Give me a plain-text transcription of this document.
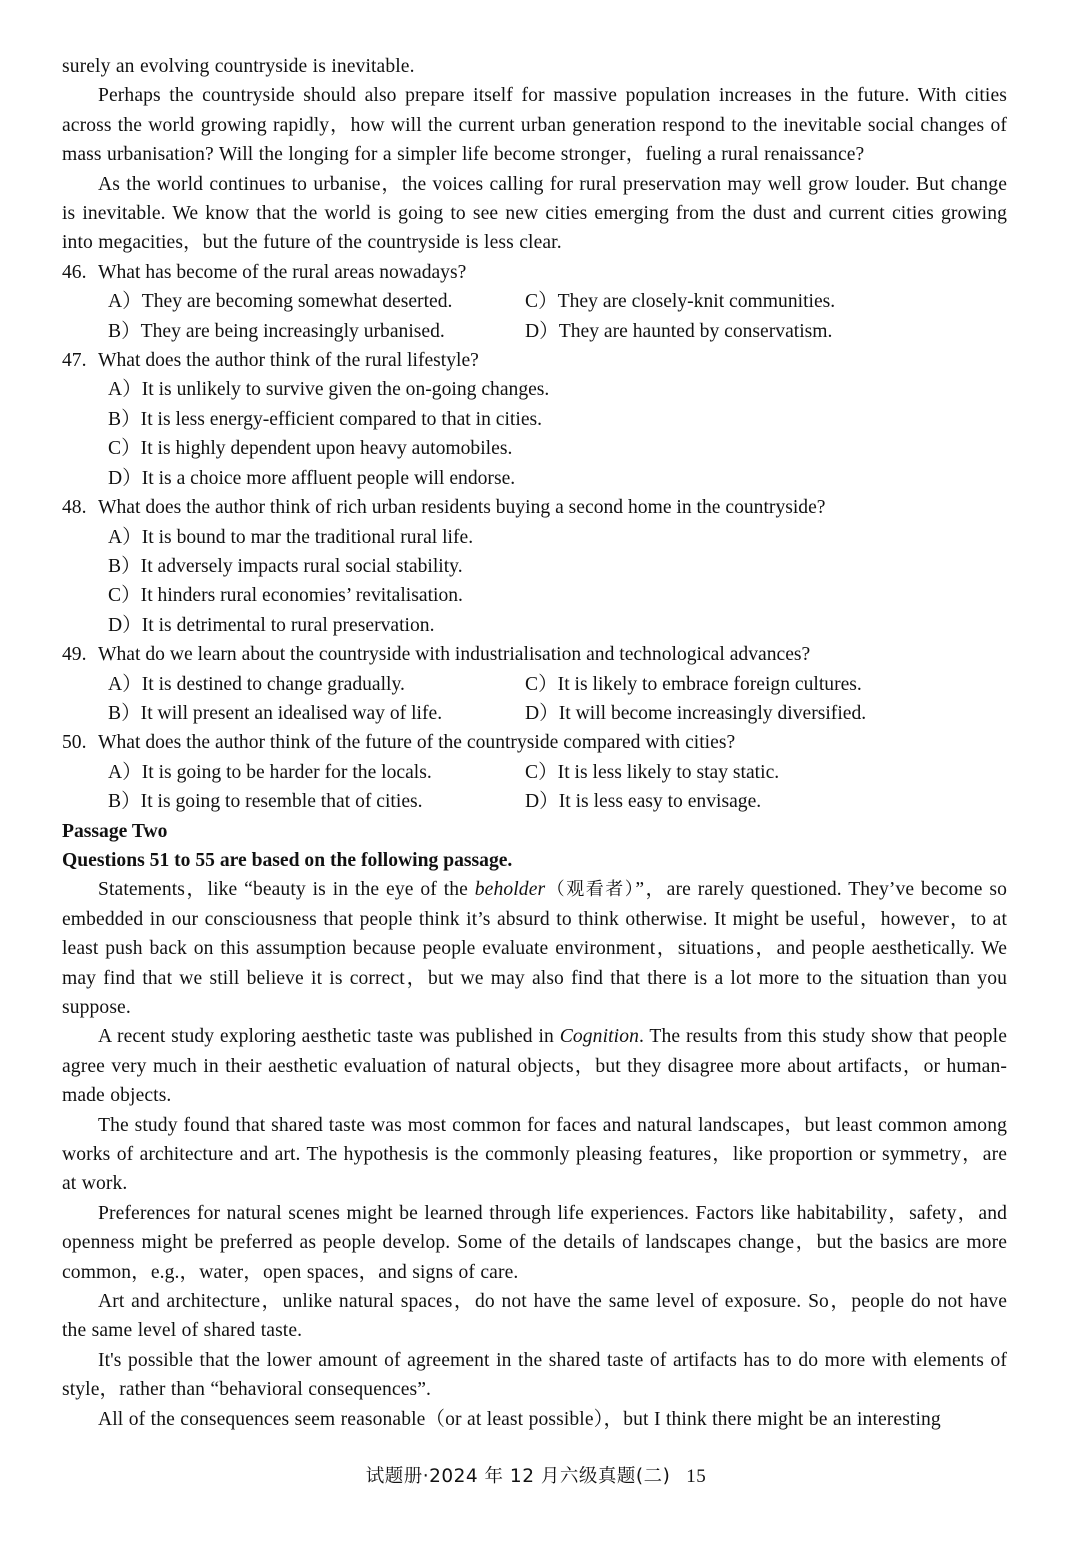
surely an evolving countryside is inevitable.

Perhaps the countryside should also prepare itself for massive population increases in the future. With cities across the world growing rapidly，how will the current urban generation respond to the inevitable social changes of mass urbanisation? Will the longing for a simpler life become stronger，fueling a rural renaissance?

As the world continues to urbanise，the voices calling for rural preservation may well grow louder. But change is inevitable. We know that the world is going to see new cities emerging from the dust and current cities growing into megacities，but the future of the countryside is less clear.

46. What has become of the rural areas nowadays?

A）They are becoming somewhat deserted.	C）They are closely-knit communities.
B）They are being increasingly urbanised.	D）They are haunted by conservatism.

47. What does the author think of the rural lifestyle?

A）It is unlikely to survive given the on-going changes.
B）It is less energy-efficient compared to that in cities.
C）It is highly dependent upon heavy automobiles.
D）It is a choice more affluent people will endorse.

48. What does the author think of rich urban residents buying a second home in the countryside?

A）It is bound to mar the traditional rural life.
B）It adversely impacts rural social stability.
C）It hinders rural economies’ revitalisation.
D）It is detrimental to rural preservation.

49. What do we learn about the countryside with industrialisation and technological advances?

A）It is destined to change gradually.	C）It is likely to embrace foreign cultures.
B）It will present an idealised way of life.	D）It will become increasingly diversified.

50. What does the author think of the future of the countryside compared with cities?

A）It is going to be harder for the locals.	C）It is less likely to stay static.
B）It is going to resemble that of cities.	D）It is less easy to envisage.

Passage Two

Questions 51 to 55 are based on the following passage.

Statements，like “beauty is in the eye of the beholder（观看者）”，are rarely questioned. They’ve become so embedded in our consciousness that people think it’s absurd to think otherwise. It might be useful，however，to at least push back on this assumption because people evaluate environment，situations，and people aesthetically. We may find that we still believe it is correct，but we may also find that there is a lot more to the situation than you suppose.

A recent study exploring aesthetic taste was published in Cognition. The results from this study show that people agree very much in their aesthetic evaluation of natural objects，but they disagree more about artifacts，or human-made objects.

The study found that shared taste was most common for faces and natural landscapes，but least common among works of architecture and art. The hypothesis is the commonly pleasing features，like proportion or symmetry，are at work.

Preferences for natural scenes might be learned through life experiences. Factors like habitability，safety，and openness might be preferred as people develop. Some of the details of landscapes change，but the basics are more common，e.g.，water，open spaces，and signs of care.

Art and architecture，unlike natural spaces，do not have the same level of exposure. So，people do not have the same level of shared taste.

It's possible that the lower amount of agreement in the shared taste of artifacts has to do more with elements of style，rather than “behavioral consequences”.

All of the consequences seem reasonable（or at least possible），but I think there might be an interesting

试题册·2024 年 12 月六级真题(二) 15
